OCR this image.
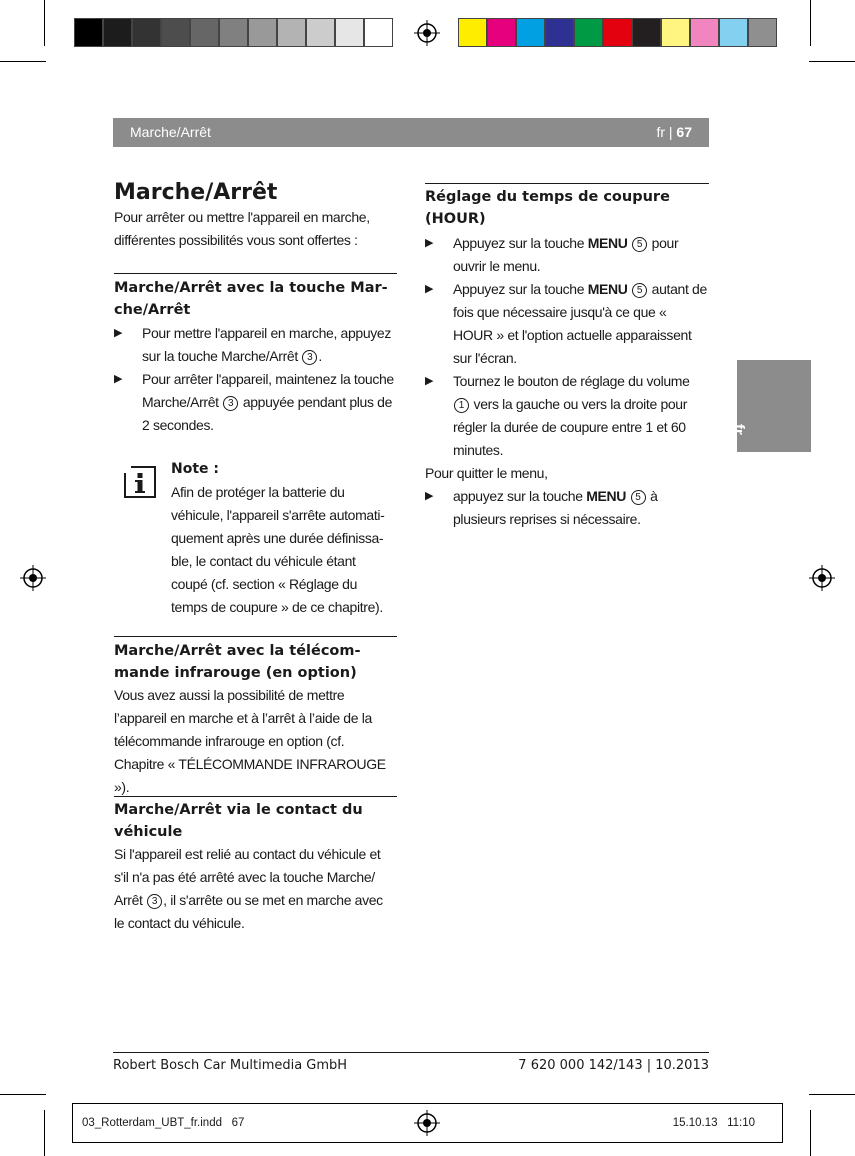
Marche/Arrêt	fr | 67
fr
Marche/Arrêt

Pour arrêter ou mettre l'appareil en marche, différentes possibilités vous sont offertes :

Marche/Arrêt avec la touche Mar-
che/Arrêt

▶ Pour mettre l'appareil en marche, appuyez sur la touche Marche/Arrêt 3 .

▶ Pour arrêter l'appareil, maintenez la touche Marche/Arrêt 3 appuyée pendant plus de 2 secondes.

Note :

Afin de protéger la batterie du
véhicule, l'appareil s'arrête automati-
quement après une durée définissa-
ble, le contact du véhicule étant
coupé (cf. section « Réglage du
temps de coupure » de ce chapitre).

Marche/Arrêt avec la télécom-
mande infrarouge (en option)

Vous avez aussi la possibilité de mettre
l’appareil en marche et à l’arrêt à l’aide de la
télécommande infrarouge en option (cf.
Chapitre « TÉLÉCOMMANDE INFRAROUGE »).

Marche/Arrêt via le contact du
véhicule

Si l'appareil est relié au contact du véhicule et
s'il n'a pas été arrêté avec la touche Marche/
Arrêt 3 , il s'arrête ou se met en marche avec
le contact du véhicule.

Réglage du temps de coupure
(HOUR)

▶ Appuyez sur la touche MENU 5 pour ouvrir le menu.

▶ Appuyez sur la touche MENU 5 autant de fois que nécessaire jusqu'à ce que « HOUR » et l'option actuelle apparaissent sur l'écran.

▶ Tournez le bouton de réglage du volume 1 vers la gauche ou vers la droite pour régler la durée de coupure entre 1 et 60 minutes.

Pour quitter le menu,

▶ appuyez sur la touche MENU 5 à plusieurs reprises si nécessaire.

Robert Bosch Car Multimedia GmbH	7 620 000 142/143 | 10.2013
03_Rotterdam_UBT_fr.indd   67	15.10.13   11:10
